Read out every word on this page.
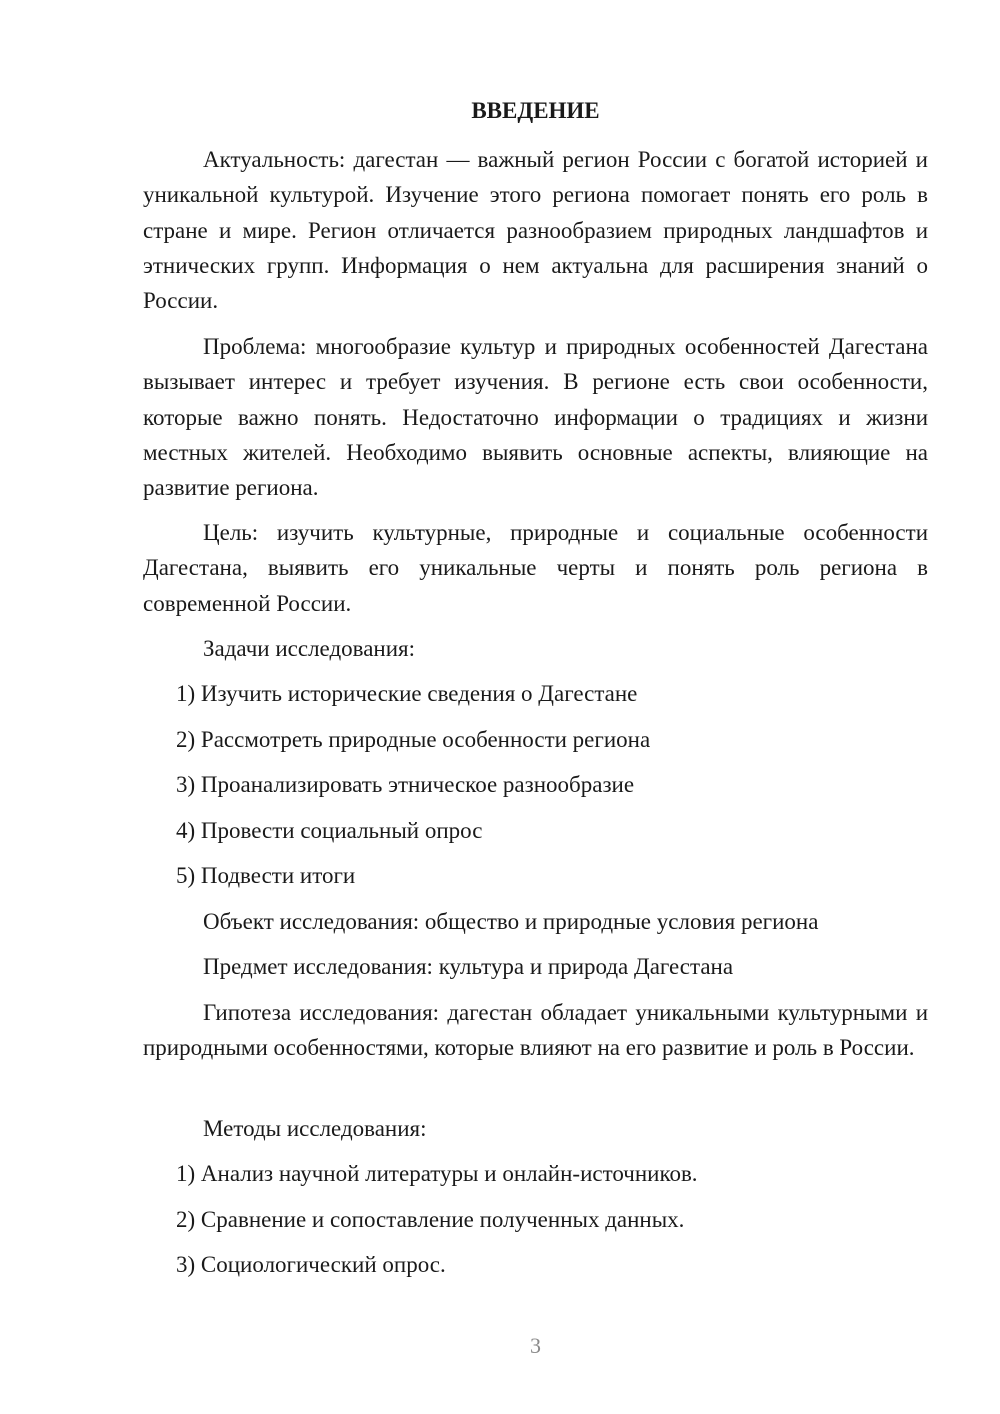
ВВЕДЕНИЕ

Актуальность: дагестан — важный регион России с богатой историей и уникальной культурой. Изучение этого региона помогает понять его роль в стране и мире. Регион отличается разнообразием природных ландшафтов и этнических групп. Информация о нем актуальна для расширения знаний о России.

Проблема: многообразие культур и природных особенностей Дагестана вызывает интерес и требует изучения. В регионе есть свои особенности, которые важно понять. Недостаточно информации о традициях и жизни местных жителей. Необходимо выявить основные аспекты, влияющие на развитие региона.

Цель: изучить культурные, природные и социальные особенности Дагестана, выявить его уникальные черты и понять роль региона в современной России.

Задачи исследования:

1) Изучить исторические сведения о Дагестане

2) Рассмотреть природные особенности региона

3) Проанализировать этническое разнообразие

4) Провести социальный опрос

5) Подвести итоги

Объект исследования: общество и природные условия региона

Предмет исследования: культура и природа Дагестана

Гипотеза исследования: дагестан обладает уникальными культурными и природными особенностями, которые влияют на его развитие и роль в России.

Методы исследования:

1) Анализ научной литературы и онлайн-источников.

2) Сравнение и сопоставление полученных данных.

3) Социологический опрос.

3
